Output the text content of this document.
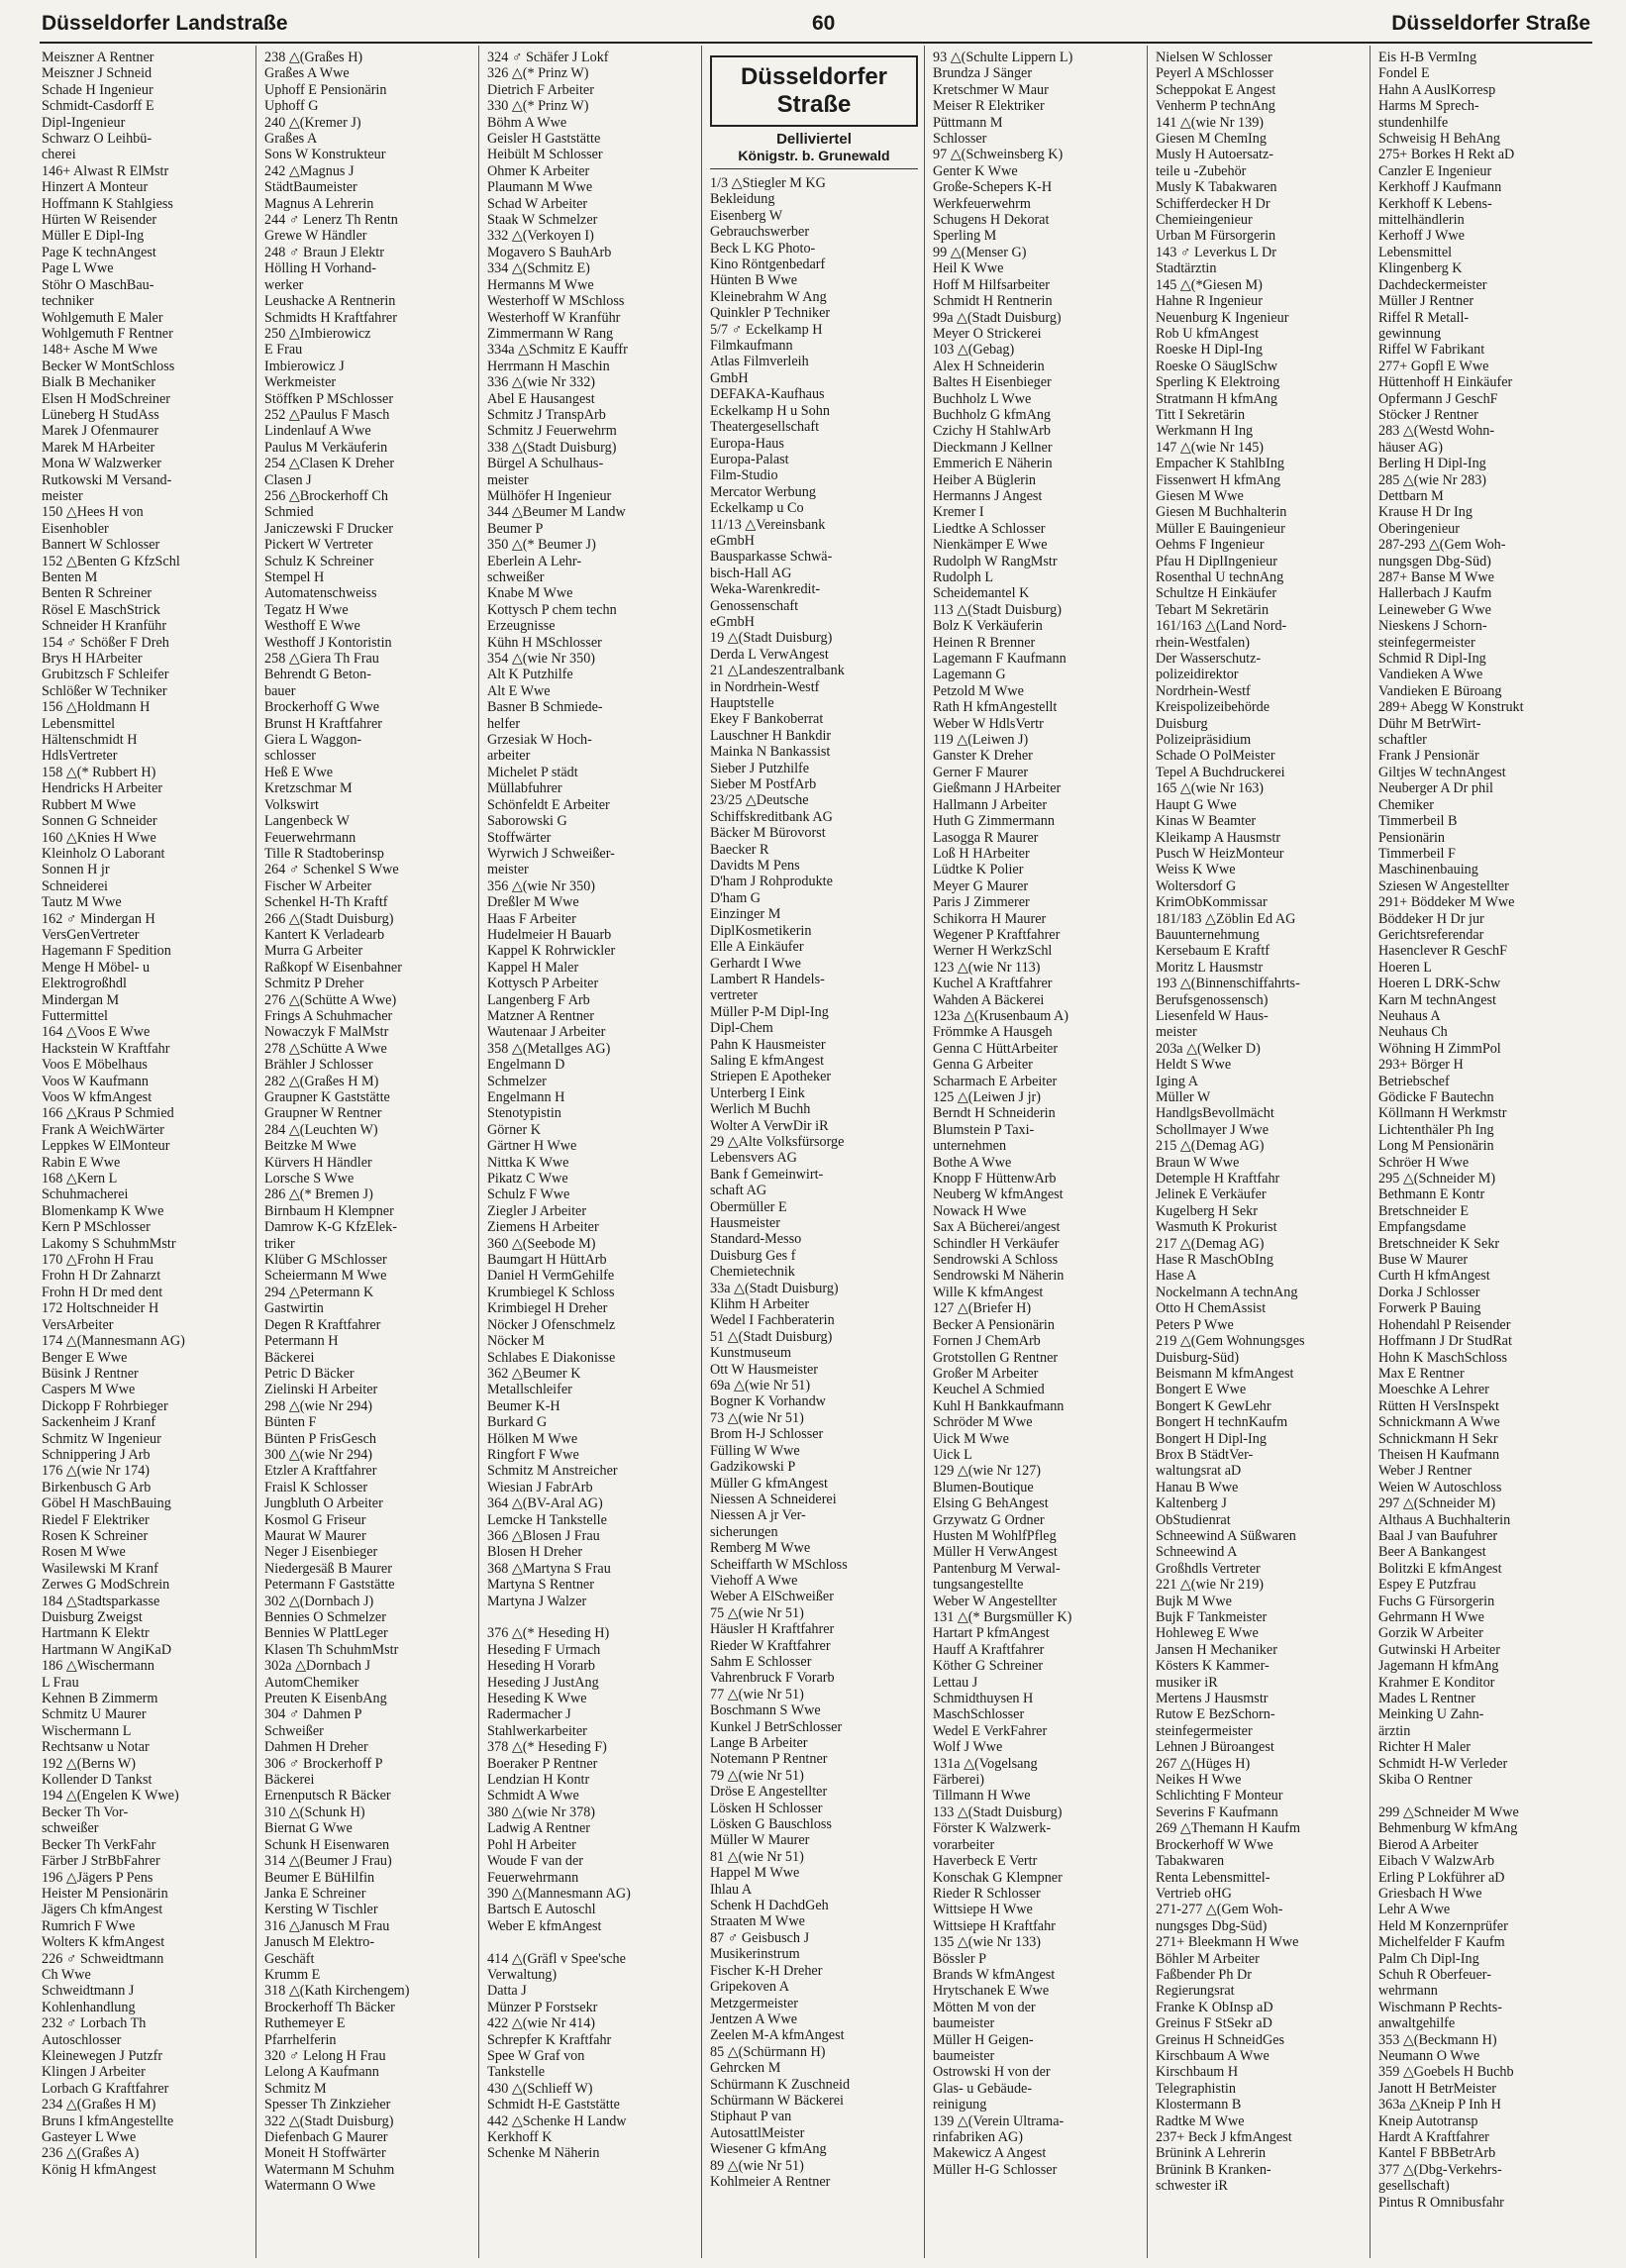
Düsseldorfer Landstraße	60	Düsseldorfer Straße
Meiszner A Rentner
Meiszner J Schneid
Schade H Ingenieur
Schmidt-Casdorff E
Dipl-Ingenieur
Schwarz O Leihbü-
cherei
146+ Alwast R ElMstr
Hinzert A Monteur
Hoffmann K Stahlgiess
Hürten W Reisender
Müller E Dipl-Ing
Page K technAngest
Page L Wwe
Stöhr O MaschBau-
techniker
Wohlgemuth E Maler
Wohlgemuth F Rentner
148+ Asche M Wwe
Becker W MontSchloss
Bialk B Mechaniker
Elsen H ModSchreiner
Lüneberg H StudAss
Marek J Ofenmaurer
Marek M HArbeiter
Mona W Walzwerker
Rutkowski M Versand-
meister
150 △Hees H von
Eisenhobler
Bannert W Schlosser
152 △Benten G KfzSchl
Benten M
Benten R Schreiner
Rösel E MaschStrick
Schneider H Kranführ
154 ♂ Schößer F Dreh
Brys H HArbeiter
Grubitzsch F Schleifer
Schlößer W Techniker
156 △Holdmann H
Lebensmittel
Hältenschmidt H
HdlsVertreter
158 △(* Rubbert H)
Hendricks H Arbeiter
Rubbert M Wwe
Sonnen G Schneider
160 △Knies H Wwe
Kleinholz O Laborant
Sonnen H jr
Schneiderei
Tautz M Wwe
162 ♂ Mindergan H
VersGenVertreter
Hagemann F Spedition
Menge H Möbel- u
Elektrogroßhdl
Mindergan M
Futtermittel
164 △Voos E Wwe
Hackstein W Kraftfahr
Voos E Möbelhaus
Voos W Kaufmann
Voos W kfmAngest
166 △Kraus P Schmied
Frank A WeichWärter
Leppkes W ElMonteur
Rabin E Wwe
168 △Kern L
Schuhmacherei
Blomenkamp K Wwe
Kern P MSchlosser
Lakomy S SchuhmMstr
170 △Frohn H Frau
Frohn H Dr Zahnarzt
Frohn H Dr med dent
172 Holtschneider H
VersArbeiter
174 △(Mannesmann AG)
Benger E Wwe
Büsink J Rentner
Caspers M Wwe
Dickopp F Rohrbieger
Sackenheim J Kranf
Schmitz W Ingenieur
Schnippering J Arb
176 △(wie Nr 174)
Birkenbusch G Arb
Göbel H MaschBauing
Riedel F Elektriker
Rosen K Schreiner
Rosen M Wwe
Wasilewski M Kranf
Zerwes G ModSchrein
184 △Stadtsparkasse
Duisburg Zweigst
Hartmann K Elektr
Hartmann W AngiKaD
186 △Wischermann
L Frau
Kehnen B Zimmerm
Schmitz U Maurer
Wischermann L
Rechtsanw u Notar
192 △(Berns W)
Kollender D Tankst
194 △(Engelen K Wwe)
Becker Th Vor-
schweißer
Becker Th VerkFahr
Färber J StrBbFahrer
196 △Jägers P Pens
Heister M Pensionärin
Jägers Ch kfmAngest
Rumrich F Wwe
Wolters K kfmAngest
226 ♂ Schweidtmann
Ch Wwe
Schweidtmann J
Kohlenhandlung
232 ♂ Lorbach Th
Autoschlosser
Kleinewegen J Putzfr
Klingen J Arbeiter
Lorbach G Kraftfahrer
234 △(Graßes H M)
Bruns I kfmAngestellte
Gasteyer L Wwe
236 △(Graßes A)
König H kfmAngest
238 △(Graßes H)
Graßes A Wwe
Uphoff E Pensionärin
Uphoff G
240 △(Kremer J)
Graßes A
Sons W Konstrukteur
242 △Magnus J
StädtBaumeister
Magnus A Lehrerin
244 ♂ Lenerz Th Rentn
Grewe W Händler
248 ♂ Braun J Elektr
Hölling H Vorhand-
werker
Leushacke A Rentnerin
Schmidts H Kraftfahrer
250 △Imbierowicz
E Frau
Imbierowicz J
Werkmeister
Stöffken P MSchlosser
252 △Paulus F Masch
Lindenlauf A Wwe
Paulus M Verkäuferin
254 △Clasen K Dreher
Clasen J
256 △Brockerhoff Ch
Schmied
Janiczewski F Drucker
Pickert W Vertreter
Schulz K Schreiner
Stempel H
Automatenschweiss
Tegatz H Wwe
Westhoff E Wwe
Westhoff J Kontoristin
258 △Giera Th Frau
Behrendt G Beton-
bauer
Brockerhoff G Wwe
Brunst H Kraftfahrer
Giera L Waggon-
schlosser
Heß E Wwe
Kretzschmar M
Volkswirt
Langenbeck W
Feuerwehrmann
Tille R Stadtoberinsp
264 ♂ Schenkel S Wwe
Fischer W Arbeiter
Schenkel H-Th Kraftf
266 △(Stadt Duisburg)
Kantert K Verladearb
Murra G Arbeiter
Raßkopf W Eisenbahner
Schmitz P Dreher
276 △(Schütte A Wwe)
Frings A Schuhmacher
Nowaczyk F MalMstr
278 △Schütte A Wwe
Brähler J Schlosser
282 △(Graßes H M)
Graupner K Gaststätte
Graupner W Rentner
284 △(Leuchten W)
Beitzke M Wwe
Kürvers H Händler
Lorsche S Wwe
286 △(* Bremen J)
Birnbaum H Klempner
Damrow K-G KfzElek-
triker
Klüber G MSchlosser
Scheiermann M Wwe
294 △Petermann K
Gastwirtin
Degen R Kraftfahrer
Petermann H
Bäckerei
Petric D Bäcker
Zielinski H Arbeiter
298 △(wie Nr 294)
Bünten F
Bünten P FrisGesch
300 △(wie Nr 294)
Etzler A Kraftfahrer
Fraisl K Schlosser
Jungbluth O Arbeiter
Kosmol G Friseur
Maurat W Maurer
Neger J Eisenbieger
Niedergesäß B Maurer
Petermann F Gaststätte
302 △(Dornbach J)
Bennies O Schmelzer
Bennies W PlattLeger
Klasen Th SchuhmMstr
302a △Dornbach J
AutomChemiker
Preuten K EisenbAng
304 ♂ Dahmen P
Schweißer
Dahmen H Dreher
306 ♂ Brockerhoff P
Bäckerei
Ernenputsch R Bäcker
310 △(Schunk H)
Biernat G Wwe
Schunk H Eisenwaren
314 △(Beumer J Frau)
Beumer E BüHilfin
Janka E Schreiner
Kersting W Tischler
316 △Janusch M Frau
Janusch M Elektro-
Geschäft
Krumm E
318 △(Kath Kirchengem)
Brockerhoff Th Bäcker
Ruthemeyer E
Pfarrhelferin
320 ♂ Lelong H Frau
Lelong A Kaufmann
Schmitz M
Spesser Th Zinkzieher
322 △(Stadt Duisburg)
Diefenbach G Maurer
Moneit H Stoffwärter
Watermann M Schuhm
Watermann O Wwe
324 ♂ Schäfer J Lokf
326 △(* Prinz W)
Dietrich F Arbeiter
330 △(* Prinz W)
Böhm A Wwe
Geisler H Gaststätte
Heibült M Schlosser
Ohmer K Arbeiter
Plaumann M Wwe
Schad W Arbeiter
Staak W Schmelzer
332 △(Verkoyen I)
Mogavero S BauhArb
334 △(Schmitz E)
Hermanns M Wwe
Westerhoff W MSchloss
Westerhoff W Kranführ
Zimmermann W Rang
334a △Schmitz E Kauffr
Herrmann H Maschin
336 △(wie Nr 332)
Abel E Hausangest
Schmitz J TranspArb
Schmitz J Feuerwehrm
338 △(Stadt Duisburg)
Bürgel A Schulhaus-
meister
Mülhöfer H Ingenieur
344 △Beumer M Landw
Beumer P
350 △(* Beumer J)
Eberlein A Lehr-
schweißer
Knabe M Wwe
Kottysch P chem techn
Erzeugnisse
Kühn H MSchlosser
354 △(wie Nr 350)
Alt K Putzhilfe
Alt E Wwe
Basner B Schmiede-
helfer
Grzesiak W Hoch-
arbeiter
Michelet P städt
Müllabfuhrer
Schönfeldt E Arbeiter
Saborowski G
Stoffwärter
Wyrwich J Schweißer-
meister
356 △(wie Nr 350)
Dreßler M Wwe
Haas F Arbeiter
Hudelmeier H Bauarb
Kappel K Rohrwickler
Kappel H Maler
Kottysch P Arbeiter
Langenberg F Arb
Matzner A Rentner
Wautenaar J Arbeiter
358 △(Metallges AG)
Engelmann D
Schmelzer
Engelmann H
Stenotypistin
Görner K
Gärtner H Wwe
Nittka K Wwe
Pikatz C Wwe
Schulz F Wwe
Ziegler J Arbeiter
Ziemens H Arbeiter
360 △(Seebode M)
Baumgart H HüttArb
Daniel H VermGehilfe
Krumbiegel K Schloss
Krimbiegel H Dreher
Nöcker J Ofenschmelz
Nöcker M
Schlabes E Diakonisse
362 △Beumer K
Metallschleifer
Beumer K-H
Burkard G
Hölken M Wwe
Ringfort F Wwe
Schmitz M Anstreicher
Wiesian J FabrArb
364 △(BV-Aral AG)
Lemcke H Tankstelle
366 △Blosen J Frau
Blosen H Dreher
368 △Martyna S Frau
Martyna S Rentner
Martyna J Walzer

376 △(* Heseding H)
Heseding F Urmach
Heseding H Vorarb
Heseding J JustAng
Heseding K Wwe
Radermacher J
Stahlwerkarbeiter
378 △(* Heseding F)
Boeraker P Rentner
Lendzian H Kontr
Schmidt A Wwe
380 △(wie Nr 378)
Ladwig A Rentner
Pohl H Arbeiter
Woude F van der
Feuerwehrmann
390 △(Mannesmann AG)
Bartsch E Autoschl
Weber E kfmAngest

414 △(Gräfl v Spee'sche
Verwaltung)
Datta J
Münzer P Forstsekr
422 △(wie Nr 414)
Schrepfer K Kraftfahr
Spee W Graf von
Tankstelle
430 △(Schlieff W)
Schmidt H-E Gaststätte
442 △Schenke H Landw
Kerkhoff K
Schenke M Näherin
Düsseldorfer Straße
Delliviertel
Königstr. b. Grunewald
1/3 △Stiegler M KG
Bekleidung
Eisenberg W
Gebrauchswerber
Beck L KG Photo-
Kino Röntgenbedarf
Hünten B Wwe
Kleinebrahm W Ang
Quinkler P Techniker
5/7 ♂ Eckelkamp H
Filmkaufmann
Atlas Filmverleih
GmbH
DEFAKA-Kaufhaus
Eckelkamp H u Sohn
Theatergesellschaft
Europa-Haus
Europa-Palast
Film-Studio
Mercator Werbung
Eckelkamp u Co
11/13 △Vereinsbank
eGmbH
Bausparkasse Schwä-
bisch-Hall AG
Weka-Warenkredit-
Genossenschaft
eGmbH
19 △(Stadt Duisburg)
Derda L VerwAngest
21 △Landeszentralbank
in Nordrhein-Westf
Hauptstelle
Ekey F Bankoberrat
Lauschner H Bankdir
Mainka N Bankassist
Sieber J Putzhilfe
Sieber M PostfArb
23/25 △Deutsche
Schiffskreditbank AG
Bäcker M Bürovorst
Baecker R
Davidts M Pens
D'ham J Rohprodukte
D'ham G
Einzinger M
DiplKosmetikerin
Elle A Einkäufer
Gerhardt I Wwe
Lambert R Handels-
vertreter
Müller P-M Dipl-Ing
Dipl-Chem
Pahn K Hausmeister
Saling E kfmAngest
Striepen E Apotheker
Unterberg I Eink
Werlich M Buchh
Wolter A VerwDir iR
29 △Alte Volksfürsorge
Lebensvers AG
Bank f Gemeinwirt-
schaft AG
Obermüller E
Hausmeister
Standard-Messo
Duisburg Ges f
Chemietechnik
33a △(Stadt Duisburg)
Klihm H Arbeiter
Wedel I Fachberaterin
51 △(Stadt Duisburg)
Kunstmuseum
Ott W Hausmeister
69a △(wie Nr 51)
Bogner K Vorhandw
73 △(wie Nr 51)
Brom H-J Schlosser
Fülling W Wwe
Gadzikowski P
Müller G kfmAngest
Niessen A Schneiderei
Niessen A jr Ver-
sicherungen
Remberg M Wwe
Scheiffarth W MSchloss
Viehoff A Wwe
Weber A ElSchweißer
75 △(wie Nr 51)
Häusler H Kraftfahrer
Rieder W Kraftfahrer
Sahm E Schlosser
Vahrenbruck F Vorarb
77 △(wie Nr 51)
Boschmann S Wwe
Kunkel J BetrSchlosser
Lange B Arbeiter
Notemann P Rentner
79 △(wie Nr 51)
Dröse E Angestellter
Lösken H Schlosser
Lösken G Bauschloss
Müller W Maurer
81 △(wie Nr 51)
Happel M Wwe
Ihlau A
Schenk H DachdGeh
Straaten M Wwe
87 ♂ Geisbusch J
Musikerinstrum
Fischer K-H Dreher
Gripekoven A
Metzgermeister
Jentzen A Wwe
Zeelen M-A kfmAngest
85 △(Schürmann H)
Gehrcken M
Schürmann K Zuschneid
Schürmann W Bäckerei
Stiphaut P van
AutosattlMeister
Wiesener G kfmAng
89 △(wie Nr 51)
Kohlmeier A Rentner
93 △(Schulte Lippern L)
Brundza J Sänger
Kretschmer W Maur
Meiser R Elektriker
Püttmann M
Schlosser
97 △(Schweinsberg K)
Genter K Wwe
Große-Schepers K-H
Werkfeuerwehrm
Schugens H Dekorat
Sperling M
99 △(Menser G)
Heil K Wwe
Hoff M Hilfsarbeiter
Schmidt H Rentnerin
99a △(Stadt Duisburg)
Meyer O Strickerei
103 △(Gebag)
Alex H Schneiderin
Baltes H Eisenbieger
Buchholz L Wwe
Buchholz G kfmAng
Czichy H StahlwArb
Dieckmann J Kellner
Emmerich E Näherin
Heiber A Büglerin
Hermanns J Angest
Kremer I
Liedtke A Schlosser
Nienkämper E Wwe
Rudolph W RangMstr
Rudolph L
Scheidemantel K
113 △(Stadt Duisburg)
Bolz K Verkäuferin
Heinen R Brenner
Lagemann F Kaufmann
Lagemann G
Petzold M Wwe
Rath H kfmAngestellt
Weber W HdlsVertr
119 △(Leiwen J)
Ganster K Dreher
Gerner F Maurer
Gießmann J HArbeiter
Hallmann J Arbeiter
Huth G Zimmermann
Lasogga R Maurer
Loß H HArbeiter
Lüdtke K Polier
Meyer G Maurer
Paris J Zimmerer
Schikorra H Maurer
Wegener P Kraftfahrer
Werner H WerkzSchl
123 △(wie Nr 113)
Kuchel A Kraftfahrer
Wahden A Bäckerei
123a △(Krusenbaum A)
Frömmke A Hausgeh
Genna C HüttArbeiter
Genna G Arbeiter
Scharmach E Arbeiter
125 △(Leiwen J jr)
Berndt H Schneiderin
Blumstein P Taxi-
unternehmen
Bothe A Wwe
Knopp F HüttenwArb
Neuberg W kfmAngest
Nowack H Wwe
Sax A Bücherei/angest
Schindler H Verkäufer
Sendrowski A Schloss
Sendrowski M Näherin
Wille K kfmAngest
127 △(Briefer H)
Becker A Pensionärin
Fornen J ChemArb
Grotstollen G Rentner
Großer M Arbeiter
Keuchel A Schmied
Kuhl H Bankkaufmann
Schröder M Wwe
Uick M Wwe
Uick L
129 △(wie Nr 127)
Blumen-Boutique
Elsing G BehAngest
Grzywatz G Ordner
Husten M WohlfPfleg
Müller H VerwAngest
Pantenburg M Verwal-
tungsangestellte
Weber W Angestellter
131 △(* Burgsmüller K)
Hartart P kfmAngest
Hauff A Kraftfahrer
Köther G Schreiner
Lettau J
Schmidthuysen H
MaschSchlosser
Wedel E VerkFahrer
Wolf J Wwe
131a △(Vogelsang
Färberei)
Tillmann H Wwe
133 △(Stadt Duisburg)
Förster K Walzwerk-
vorarbeiter
Haverbeck E Vertr
Konschak G Klempner
Rieder R Schlosser
Wittsiepe H Wwe
Wittsiepe H Kraftfahr
135 △(wie Nr 133)
Bössler P
Brands W kfmAngest
Hrytschanek E Wwe
Mötten M von der
baumeister
Müller H Geigen-
baumeister
Ostrowski H von der
Glas- u Gebäude-
reinigung
139 △(Verein Ultrama-
rinfabriken AG)
Makewicz A Angest
Müller H-G Schlosser
Nielsen W Schlosser
Peyerl A MSchlosser
Scheppokat E Angest
Venherm P technAng
141 △(wie Nr 139)
Giesen M ChemIng
Musly H Autoersatz-
teile u -Zubehör
Musly K Tabakwaren
Schifferdecker H Dr
Chemieingenieur
Urban M Fürsorgerin
143 ♂ Leverkus L Dr
Stadtärztin
145 △(*Giesen M)
Hahne R Ingenieur
Neuenburg K Ingenieur
Rob U kfmAngest
Roeske H Dipl-Ing
Roeske O SäuglSchw
Sperling K Elektroing
Stratmann H kfmAng
Titt I Sekretärin
Werkmann H Ing
147 △(wie Nr 145)
Empacher K StahlbIng
Fissenwert H kfmAng
Giesen M Wwe
Giesen M Buchhalterin
Müller E Bauingenieur
Oehms F Ingenieur
Pfau H DiplIngenieur
Rosenthal U technAng
Schultze H Einkäufer
Tebart M Sekretärin
161/163 △(Land Nord-
rhein-Westfalen)
Der Wasserschutz-
polizeidirektor
Nordrhein-Westf
Kreispolizeibehörde
Duisburg
Polizeipräsidium
Schade O PolMeister
Tepel A Buchdruckerei
165 △(wie Nr 163)
Haupt G Wwe
Kinas W Beamter
Kleikamp A Hausmstr
Pusch W HeizMonteur
Weiss K Wwe
Woltersdorf G
KrimObKommissar
181/183 △Zöblin Ed AG
Bauunternehmung
Kersebaum E Kraftf
Moritz L Hausmstr
193 △(Binnenschiffahrts-
Berufsgenossensch)
Liesenfeld W Haus-
meister
203a △(Welker D)
Heldt S Wwe
Iging A
Müller W
HandlgsBevollmächt
Schollmayer J Wwe
215 △(Demag AG)
Braun W Wwe
Detemple H Kraftfahr
Jelinek E Verkäufer
Kugelberg H Sekr
Wasmuth K Prokurist
217 △(Demag AG)
Hase R MaschObIng
Hase A
Nockelmann A technAng
Otto H ChemAssist
Peters P Wwe
219 △(Gem Wohnungsges
Duisburg-Süd)
Beismann M kfmAngest
Bongert E Wwe
Bongert K GewLehr
Bongert H technKaufm
Bongert H Dipl-Ing
Brox B StädtVer-
waltungsrat aD
Hanau B Wwe
Kaltenberg J
ObStudienrat
Schneewind A Süßwaren
Schneewind A
Großhdls Vertreter
221 △(wie Nr 219)
Bujk M Wwe
Bujk F Tankmeister
Hohleweg E Wwe
Jansen H Mechaniker
Kösters K Kammer-
musiker iR
Mertens J Hausmstr
Rutow E BezSchorn-
steinfegermeister
Lehnen J Büroangest
267 △(Hüges H)
Neikes H Wwe
Schlichting F Monteur
Severins F Kaufmann
269 △Themann H Kaufm
Brockerhoff W Wwe
Tabakwaren
Renta Lebensmittel-
Vertrieb oHG
271-277 △(Gem Woh-
nungsges Dbg-Süd)
271+ Bleekmann H Wwe
Böhler M Arbeiter
Faßbender Ph Dr
Regierungsrat
Franke K ObInsp aD
Greinus F StSekr aD
Greinus H SchneidGes
Kirschbaum A Wwe
Kirschbaum H
Telegraphistin
Klostermann B
Radtke M Wwe
237+ Beck J kfmAngest
Brünink A Lehrerin
Brünink B Kranken-
schwester iR
Eis H-B VermIng
Fondel E
Hahn A AuslKorresp
Harms M Sprech-
stundenhilfe
Schweisig H BehAng
275+ Borkes H Rekt aD
Canzler E Ingenieur
Kerkhoff J Kaufmann
Kerkhoff K Lebens-
mittelhändlerin
Kerhoff J Wwe
Lebensmittel
Klingenberg K
Dachdeckermeister
Müller J Rentner
Riffel R Metall-
gewinnung
Riffel W Fabrikant
277+ Gopfl E Wwe
Hüttenhoff H Einkäufer
Opfermann J GeschF
Stöcker J Rentner
283 △(Westd Wohn-
häuser AG)
Berling H Dipl-Ing
285 △(wie Nr 283)
Dettbarn M
Krause H Dr Ing
Oberingenieur
287-293 △(Gem Woh-
nungsgen Dbg-Süd)
287+ Banse M Wwe
Hallerbach J Kaufm
Leineweber G Wwe
Nieskens J Schorn-
steinfegermeister
Schmid R Dipl-Ing
Vandieken A Wwe
Vandieken E Büroang
289+ Abegg W Konstrukt
Dühr M BetrWirt-
schaftler
Frank J Pensionär
Giltjes W technAngest
Neuberger A Dr phil
Chemiker
Timmerbeil B
Pensionärin
Timmerbeil F
Maschinenbauing
Sziesen W Angestellter
291+ Böddeker M Wwe
Böddeker H Dr jur
Gerichtsreferendar
Hasenclever R GeschF
Hoeren L
Hoeren L DRK-Schw
Karn M technAngest
Neuhaus A
Neuhaus Ch
Wöhning H ZimmPol
293+ Börger H
Betriebschef
Gödicke F Bautechn
Köllmann H Werkmstr
Lichtenthäler Ph Ing
Long M Pensionärin
Schröer H Wwe
295 △(Schneider M)
Bethmann E Kontr
Bretschneider E
Empfangsdame
Bretschneider K Sekr
Buse W Maurer
Curth H kfmAngest
Dorka J Schlosser
Forwerk P Bauing
Hohendahl P Reisender
Hoffmann J Dr StudRat
Hohn K MaschSchloss
Max E Rentner
Moeschke A Lehrer
Rütten H VersInspekt
Schnickmann A Wwe
Schnickmann H Sekr
Theisen H Kaufmann
Weber J Rentner
Weien W Autoschloss
297 △(Schneider M)
Althaus A Buchhalterin
Baal J van Baufuhrer
Beer A Bankangest
Bolitzki E kfmAngest
Espey E Putzfrau
Fuchs G Fürsorgerin
Gehrmann H Wwe
Gorzik W Arbeiter
Gutwinski H Arbeiter
Jagemann H kfmAng
Krahmer E Konditor
Mades L Rentner
Meinking U Zahn-
ärztin
Richter H Maler
Schmidt H-W Verleder
Skiba O Rentner

299 △Schneider M Wwe
Behmenburg W kfmAng
Bierod A Arbeiter
Eibach V WalzwArb
Erling P Lokführer aD
Griesbach H Wwe
Lehr A Wwe
Held M Konzernprüfer
Michelfelder F Kaufm
Palm Ch Dipl-Ing
Schuh R Oberfeuer-
wehrmann
Wischmann P Rechts-
anwaltgehilfe
353 △(Beckmann H)
Neumann O Wwe
359 △Goebels H Buchb
Janott H BetrMeister
363a △Kneip P Inh H
Kneip Autotransp
Hardt A Kraftfahrer
Kantel F BBBetrArb
377 △(Dbg-Verkehrs-
gesellschaft)
Pintus R Omnibusfahr
